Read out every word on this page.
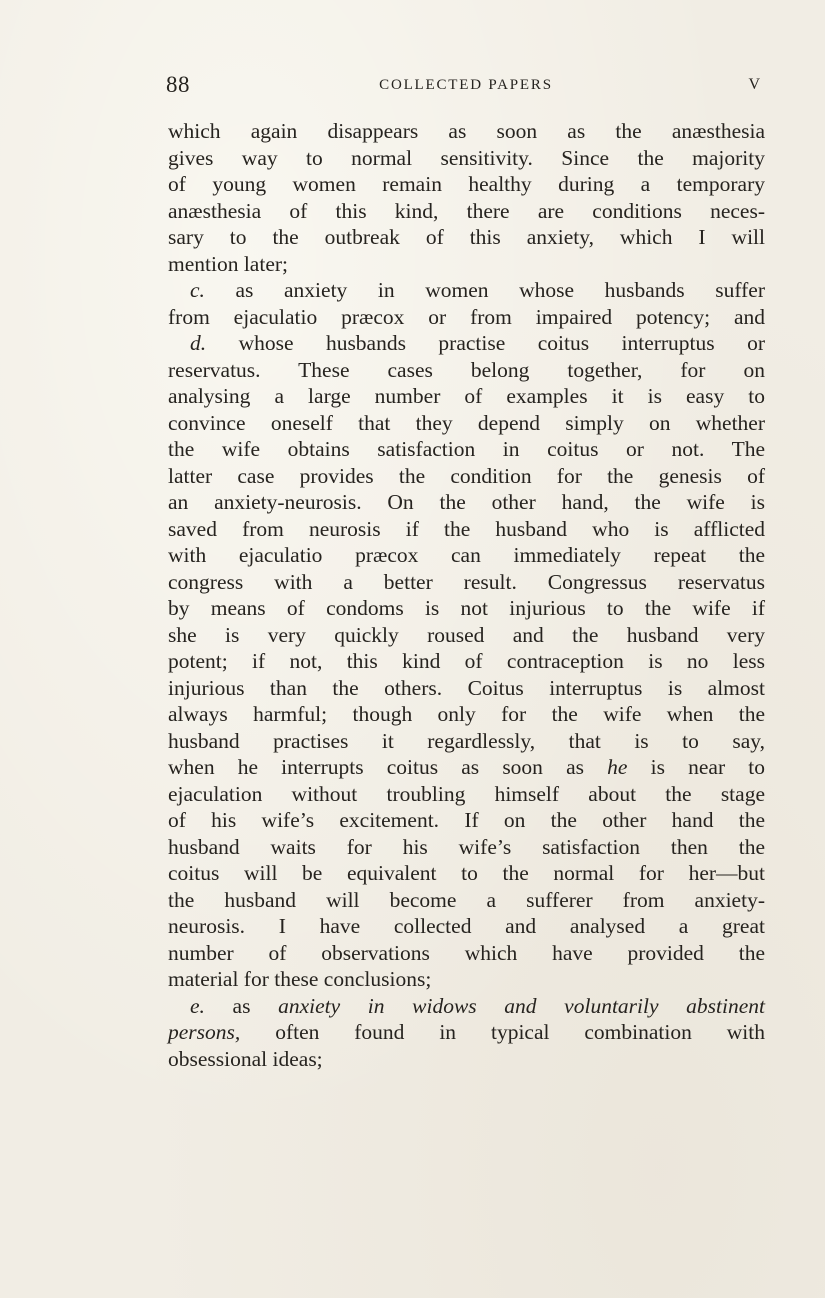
88	COLLECTED PAPERS	V
which again disappears as soon as the anæsthesia
gives way to normal sensitivity. Since the majority
of young women remain healthy during a temporary
anæsthesia of this kind, there are conditions neces-
sary to the outbreak of this anxiety, which I will
mention later;
c. as anxiety in women whose husbands suffer
from ejaculatio præcox or from impaired potency; and
d. whose husbands practise coitus interruptus or
reservatus. These cases belong together, for on
analysing a large number of examples it is easy to
convince oneself that they depend simply on whether
the wife obtains satisfaction in coitus or not. The
latter case provides the condition for the genesis of
an anxiety-neurosis. On the other hand, the wife is
saved from neurosis if the husband who is afflicted
with ejaculatio præcox can immediately repeat the
congress with a better result. Congressus reservatus
by means of condoms is not injurious to the wife if
she is very quickly roused and the husband very
potent; if not, this kind of contraception is no less
injurious than the others. Coitus interruptus is almost
always harmful; though only for the wife when the
husband practises it regardlessly, that is to say,
when he interrupts coitus as soon as he is near to
ejaculation without troubling himself about the stage
of his wife’s excitement. If on the other hand the
husband waits for his wife’s satisfaction then the
coitus will be equivalent to the normal for her—but
the husband will become a sufferer from anxiety-
neurosis. I have collected and analysed a great
number of observations which have provided the
material for these conclusions;
e. as anxiety in widows and voluntarily abstinent
persons, often found in typical combination with
obsessional ideas;
